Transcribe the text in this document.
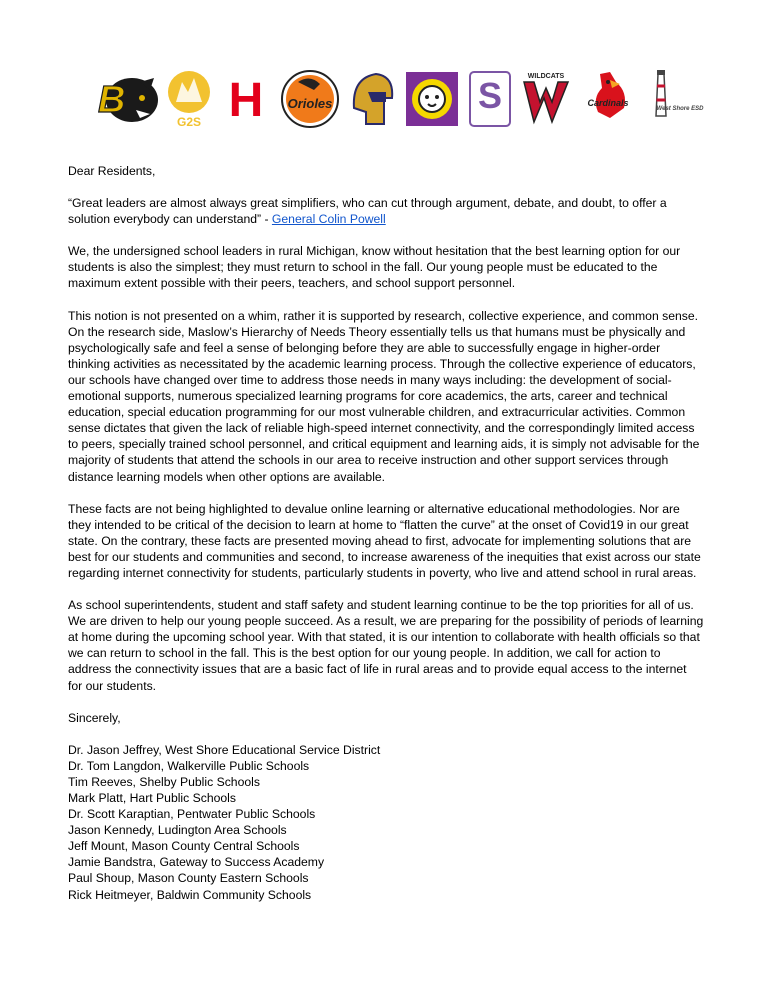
B
G2S H Orioles	S	WILDCATS
Cardinals
West Shore ESD

Dear Residents,

“Great leaders are almost always great simplifiers, who can cut through argument, debate, and doubt, to offer a solution everybody can understand” - General Colin Powell

We, the undersigned school leaders in rural Michigan, know without hesitation that the best learning option for our students is also the simplest; they must return to school in the fall. Our young people must be educated to the maximum extent possible with their peers, teachers, and school support personnel.

This notion is not presented on a whim, rather it is supported by research, collective experience, and common sense. On the research side, Maslow’s Hierarchy of Needs Theory essentially tells us that humans must be physically and psychologically safe and feel a sense of belonging before they are able to successfully engage in higher-order thinking activities as necessitated by the academic learning process. Through the collective experience of educators, our schools have changed over time to address those needs in many ways including: the development of social-emotional supports, numerous specialized learning programs for core academics, the arts, career and technical education, special education programming for our most vulnerable children, and extracurricular activities. Common sense dictates that given the lack of reliable high-speed internet connectivity, and the correspondingly limited access to peers, specially trained school personnel, and critical equipment and learning aids, it is simply not advisable for the majority of students that attend the schools in our area to receive instruction and other support services through distance learning models when other options are available.

These facts are not being highlighted to devalue online learning or alternative educational methodologies. Nor are they intended to be critical of the decision to learn at home to “flatten the curve” at the onset of Covid19 in our great state. On the contrary, these facts are presented moving ahead to first, advocate for implementing solutions that are best for our students and communities and second, to increase awareness of the inequities that exist across our state regarding internet connectivity for students, particularly students in poverty, who live and attend school in rural areas.

As school superintendents, student and staff safety and student learning continue to be the top priorities for all of us. We are driven to help our young people succeed. As a result, we are preparing for the possibility of periods of learning at home during the upcoming school year. With that stated, it is our intention to collaborate with health officials so that we can return to school in the fall. This is the best option for our young people. In addition, we call for action to address the connectivity issues that are a basic fact of life in rural areas and to provide equal access to the internet for our students.

Sincerely,

Dr. Jason Jeffrey, West Shore Educational Service District
Dr. Tom Langdon, Walkerville Public Schools
Tim Reeves, Shelby Public Schools
Mark Platt, Hart Public Schools
Dr. Scott Karaptian, Pentwater Public Schools
Jason Kennedy, Ludington Area Schools
Jeff Mount, Mason County Central Schools
Jamie Bandstra, Gateway to Success Academy
Paul Shoup, Mason County Eastern Schools
Rick Heitmeyer, Baldwin Community Schools
